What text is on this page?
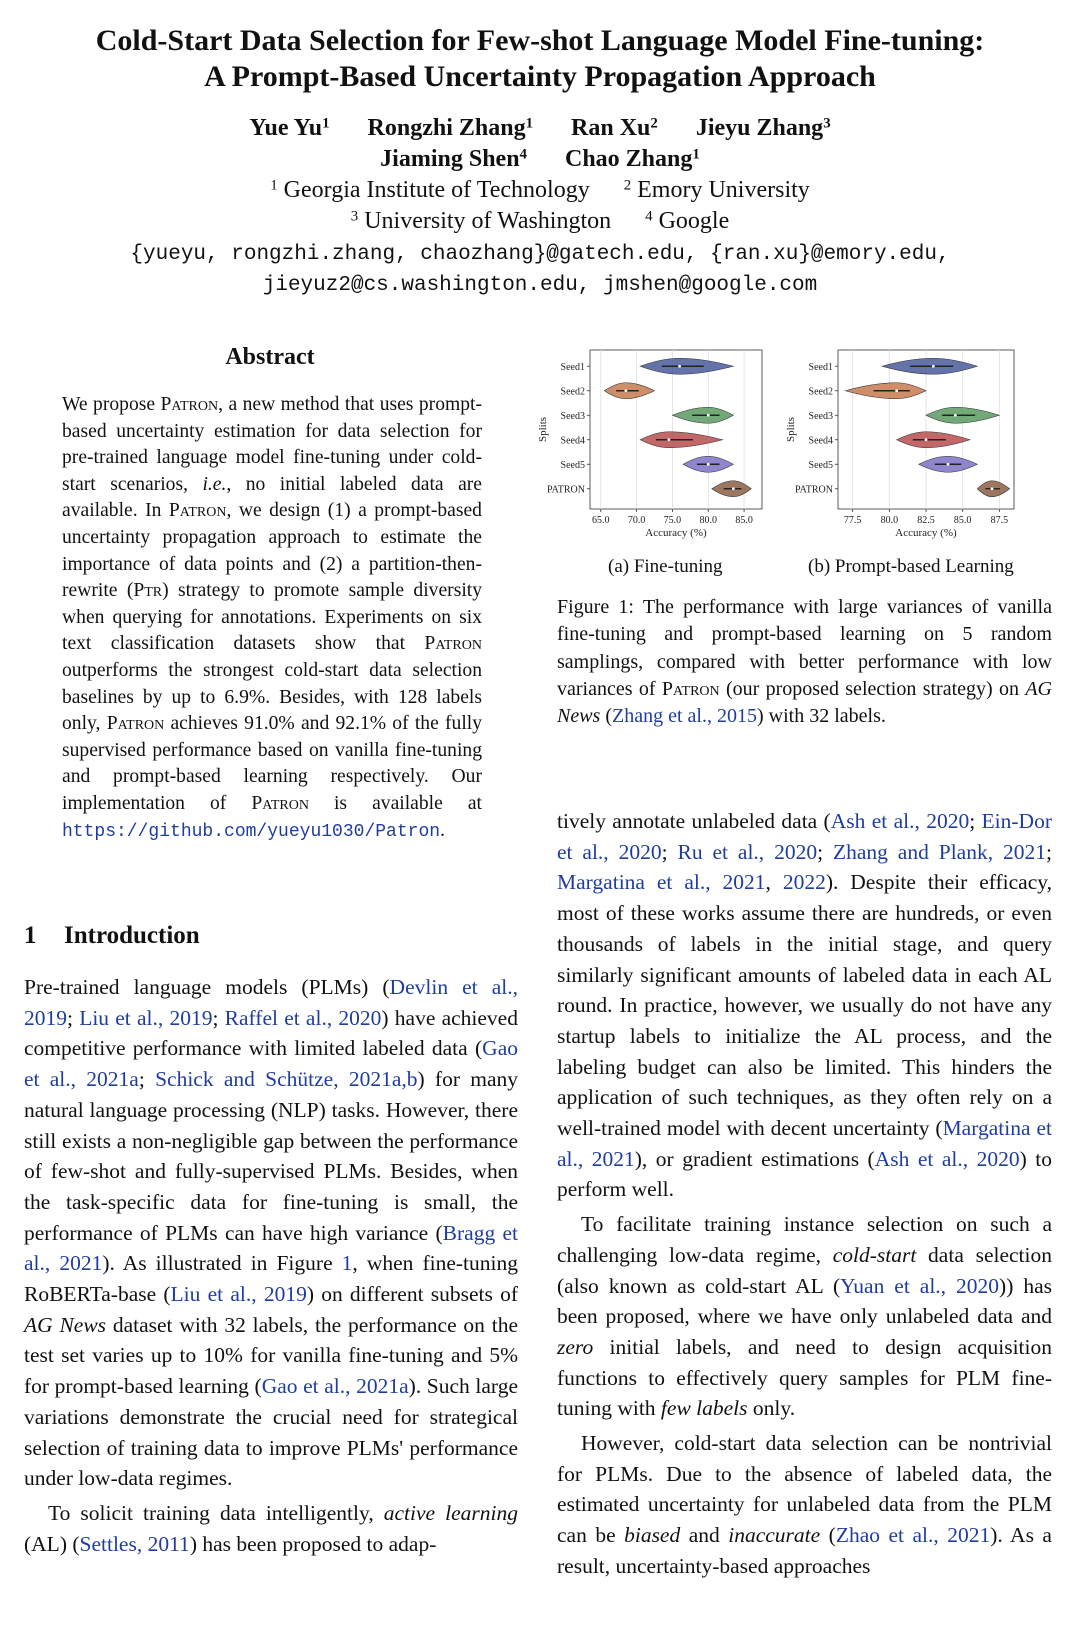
Cold-Start Data Selection for Few-shot Language Model Fine-tuning:
A Prompt-Based Uncertainty Propagation Approach
Yue Yu$^1$ Rongzhi Zhang$^1$ Ran Xu$^2$ Jieyu Zhang$^3$
Jiaming Shen$^4$ Chao Zhang$^1$
$^1$ Georgia Institute of Technology $^2$ Emory University
$^3$ University of Washington $^4$ Google
{yueyu, rongzhi.zhang, chaozhang}@gatech.edu, {ran.xu}@emory.edu,
jieyuz2@cs.washington.edu, jmshen@google.com
Abstract
We propose Patron, a new method that uses prompt-based uncertainty estimation for data selection for pre-trained language model fine-tuning under cold-start scenarios, i.e., no initial labeled data are available. In Patron, we design (1) a prompt-based uncertainty propagation approach to estimate the importance of data points and (2) a partition-then-rewrite (Ptr) strategy to promote sample diversity when querying for annotations. Experiments on six text classification datasets show that Patron outperforms the strongest cold-start data selection baselines by up to 6.9%. Besides, with 128 labels only, Patron achieves 91.0% and 92.1% of the fully supervised performance based on vanilla fine-tuning and prompt-based learning respectively. Our implementation of Patron is available at https://github.com/yueyu1030/Patron.
1 Introduction

Pre-trained language models (PLMs) (Devlin et al., 2019; Liu et al., 2019; Raffel et al., 2020) have achieved competitive performance with limited labeled data (Gao et al., 2021a; Schick and Schütze, 2021a,b) for many natural language processing (NLP) tasks. However, there still exists a non-negligible gap between the performance of few-shot and fully-supervised PLMs. Besides, when the task-specific data for fine-tuning is small, the performance of PLMs can have high variance (Bragg et al., 2021). As illustrated in Figure 1, when fine-tuning RoBERTa-base (Liu et al., 2019) on different subsets of AG News dataset with 32 labels, the performance on the test set varies up to 10% for vanilla fine-tuning and 5% for prompt-based learning (Gao et al., 2021a). Such large variations demonstrate the crucial need for strategical selection of training data to improve PLMs' performance under low-data regimes.

To solicit training data intelligently, active learning (AL) (Settles, 2011) has been proposed to adap-

65.0 70.0 75.0 80.0 85.0
Seed1
Seed2
Seed3
Seed4
Seed5
PATRON
Splits
Accuracy (%)
77.5 80.0 82.5 85.0 87.5
Seed1
Seed2
Seed3
Seed4
Seed5
PATRON
Splits
Accuracy (%)
(a) Fine-tuning	(b) Prompt-based Learning
Figure 1: The performance with large variances of vanilla fine-tuning and prompt-based learning on 5 random samplings, compared with better performance with low variances of Patron (our proposed selection strategy) on AG News (Zhang et al., 2015) with 32 labels.

tively annotate unlabeled data (Ash et al., 2020; Ein-Dor et al., 2020; Ru et al., 2020; Zhang and Plank, 2021; Margatina et al., 2021, 2022). Despite their efficacy, most of these works assume there are hundreds, or even thousands of labels in the initial stage, and query similarly significant amounts of labeled data in each AL round. In practice, however, we usually do not have any startup labels to initialize the AL process, and the labeling budget can also be limited. This hinders the application of such techniques, as they often rely on a well-trained model with decent uncertainty (Margatina et al., 2021), or gradient estimations (Ash et al., 2020) to perform well.

To facilitate training instance selection on such a challenging low-data regime, cold-start data selection (also known as cold-start AL (Yuan et al., 2020)) has been proposed, where we have only unlabeled data and zero initial labels, and need to design acquisition functions to effectively query samples for PLM fine-tuning with few labels only.

However, cold-start data selection can be nontrivial for PLMs. Due to the absence of labeled data, the estimated uncertainty for unlabeled data from the PLM can be biased and inaccurate (Zhao et al., 2021). As a result, uncertainty-based approaches
